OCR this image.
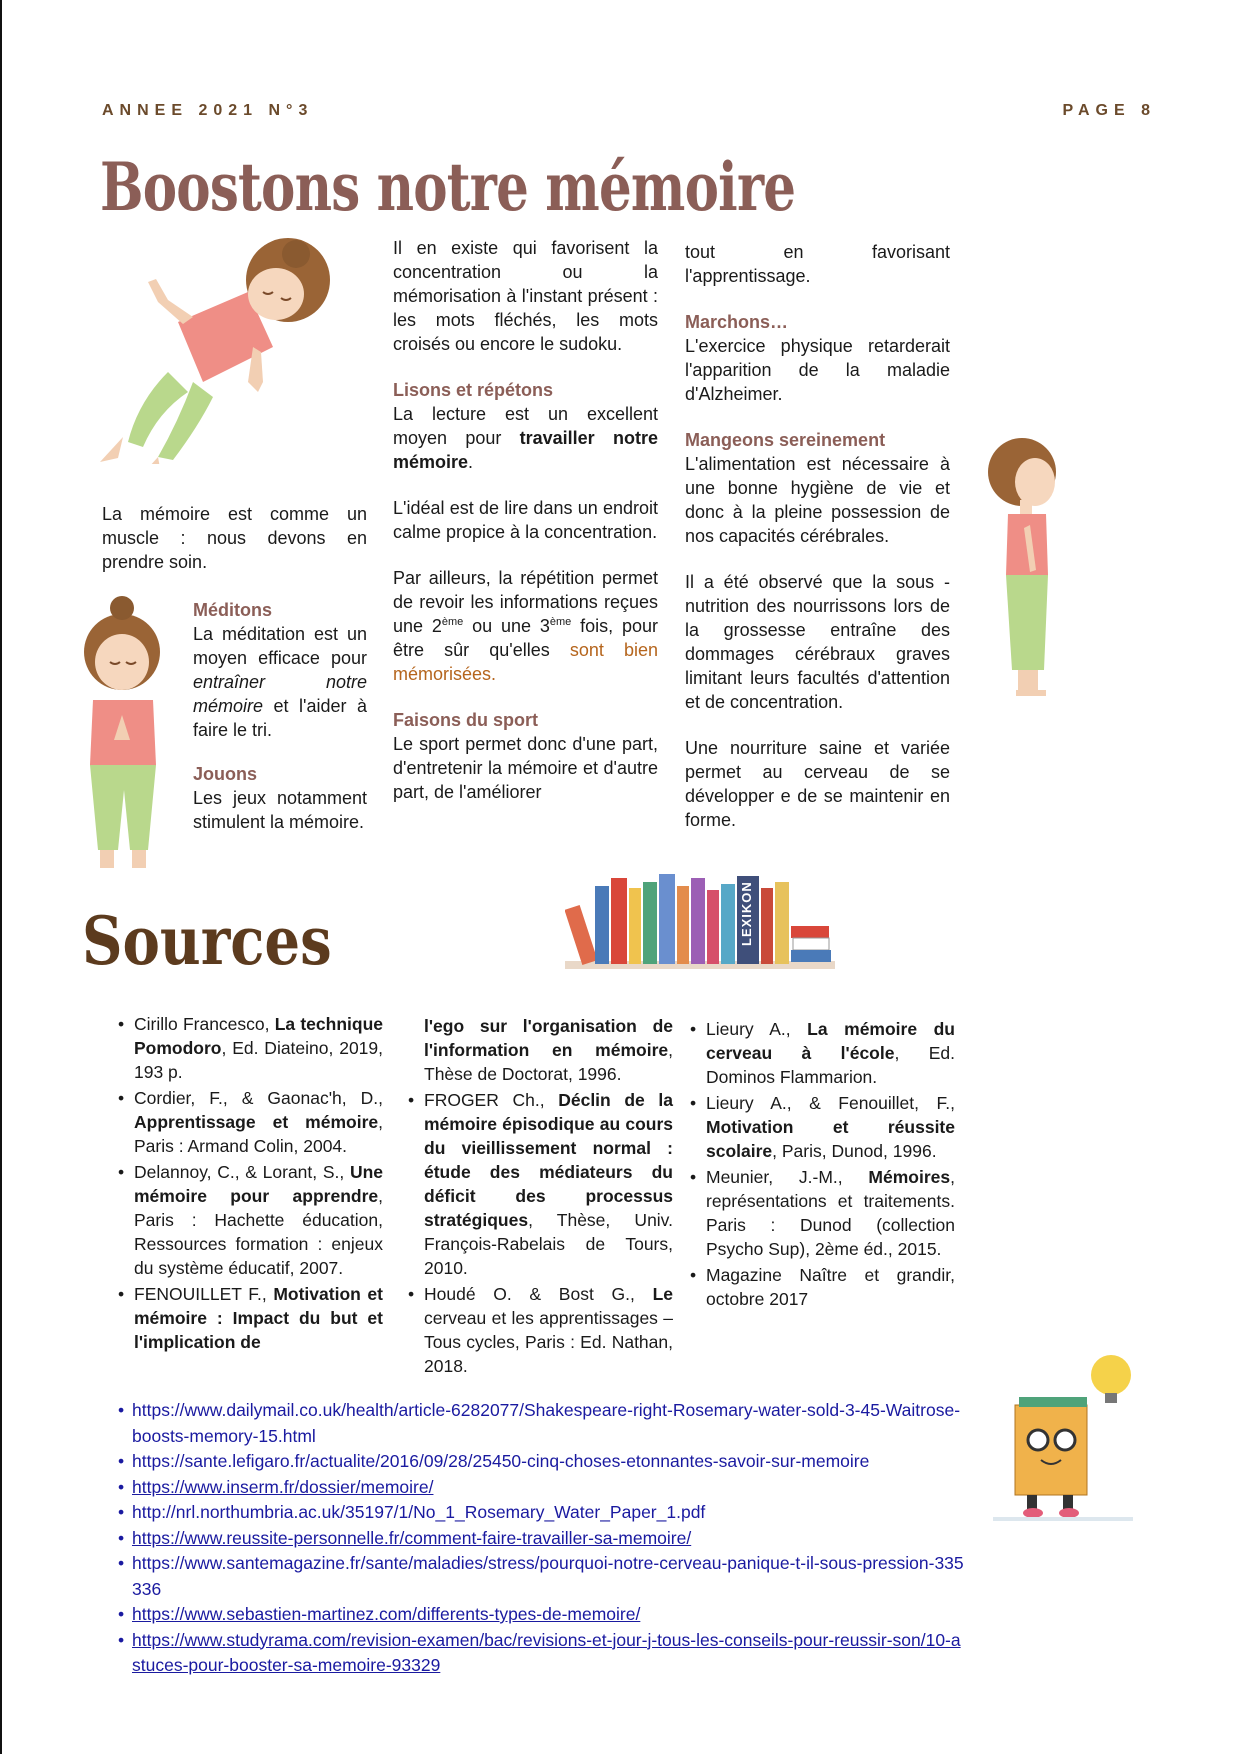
ANNEE 2021 N°3	PAGE 8
Boostons notre mémoire

La mémoire est comme un muscle : nous devons en prendre soin.

Méditons

La méditation est un moyen efficace pour entraîner notre mémoire et l'aider à faire le tri.

Jouons

Les jeux notamment stimulent la mémoire.

Il en existe qui favorisent la concentration ou la mémorisation à l'instant présent : les mots fléchés, les mots croisés ou encore le sudoku.

Lisons et répétons

La lecture est un excellent moyen pour travailler notre mémoire.

L'idéal est de lire dans un endroit calme propice à la concentration.

Par ailleurs, la répétition permet de revoir les informations reçues une 2ème ou une 3ème fois, pour être sûr qu'elles sont bien mémorisées.

Faisons du sport

Le sport permet donc d'une part, d'entretenir la mémoire et d'autre part, de l'améliorer

tout en favorisant l'apprentissage.

Marchons…

L'exercice physique retarderait l'apparition de la maladie d'Alzheimer.

Mangeons sereinement

L'alimentation est nécessaire à une bonne hygiène de vie et donc à la pleine possession de nos capacités cérébrales.

Il a été observé que la sous -nutrition des nourrissons lors de la grossesse entraîne des dommages cérébraux graves limitant leurs facultés d'attention et de concentration.

Une nourriture saine et variée permet au cerveau de se développer e de se maintenir en forme.

Sources	LEXIKON
• Cirillo Francesco, La technique Pomodoro, Ed. Diateino, 2019, 193 p.
• Cordier, F., & Gaonac'h, D., Apprentissage et mémoire, Paris : Armand Colin, 2004.
• Delannoy, C., & Lorant, S., Une mémoire pour apprendre, Paris : Hachette éducation, Ressources formation : enjeux du système éducatif, 2007.
• FENOUILLET F., Motivation et mémoire : Impact du but et l'implication de
l'ego sur l'organisation de l'information en mémoire, Thèse de Doctorat, 1996.
• FROGER Ch., Déclin de la mémoire épisodique au cours du vieillissement normal : étude des médiateurs du déficit des processus stratégiques, Thèse, Univ. François-Rabelais de Tours, 2010.
• Houdé O. & Bost G., Le cerveau et les apprentissages – Tous cycles, Paris : Ed. Nathan, 2018.
• Lieury A., La mémoire du cerveau à l'école, Ed. Dominos Flammarion.
• Lieury A., & Fenouillet, F., Motivation et réussite scolaire, Paris, Dunod, 1996.
• Meunier, J.-M., Mémoires, représentations et traitements. Paris : Dunod (collection Psycho Sup), 2ème éd., 2015.
• Magazine Naître et grandir, octobre 2017
• https://www.dailymail.co.uk/health/article-6282077/Shakespeare-right-Rosemary-water-sold-3-45-Waitrose-boosts-memory-15.html
• https://sante.lefigaro.fr/actualite/2016/09/28/25450-cinq-choses-etonnantes-savoir-sur-memoire
• https://www.inserm.fr/dossier/memoire/
• http://nrl.northumbria.ac.uk/35197/1/No_1_Rosemary_Water_Paper_1.pdf
• https://www.reussite-personnelle.fr/comment-faire-travailler-sa-memoire/
• https://www.santemagazine.fr/sante/maladies/stress/pourquoi-notre-cerveau-panique-t-il-sous-pression-335336
• https://www.sebastien-martinez.com/differents-types-de-memoire/
• https://www.studyrama.com/revision-examen/bac/revisions-et-jour-j-tous-les-conseils-pour-reussir-son/10-astuces-pour-booster-sa-memoire-93329
